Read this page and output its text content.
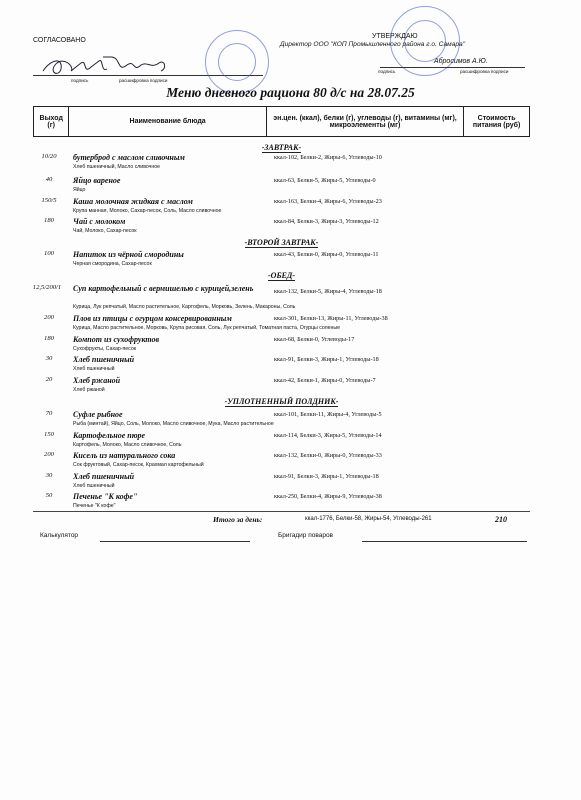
СОГЛАСОВАНО
подпись	расшифровка подписи
УТВЕРЖДАЮ
Директор ООО "КОП Промышленного района г.о. Самара"
Абросимов А.Ю.
подпись	расшифровка подписи
Меню дневного рациона 80 д/с на 28.07.25
Выход (г)	Наименование блюда	эн.цен. (ккал), белки (г), углеводы (г), витамины (мг), микроэлементы (мг)	Стоимость питания (руб)
-ЗАВТРАК-
10/20	бутерброд с маслом сливочным	ккал-102, Белки-2, Жиры-6, Углеводы-10
Хлеб пшеничный, Масло сливочное
40	Яйцо вареное	ккал-63, Белки-5, Жиры-5, Углеводы-0
Яйцо
150/5	Каша молочная жидкая с маслом	ккал-163, Белки-4, Жиры-6, Углеводы-23
Крупа манная, Молоко, Сахар-песок, Соль, Масло сливочное
180	Чай с молоком	ккал-84, Белки-3, Жиры-3, Углеводы-12
Чай, Молоко, Сахар-песок
-ВТОРОЙ ЗАВТРАК-
100	Напиток из чёрной смородины	ккал-43, Белки-0, Жиры-0, Углеводы-11
Черная смородина, Сахар-песок
-ОБЕД-
12,5/200/1	Суп картофельный с вермишелью с курицей,зелень	ккал-132, Белки-5, Жиры-4, Углеводы-18
Курица, Лук репчатый, Масло растительное, Картофель, Морковь, Зелень, Макароны, Соль
200	Плов из птицы с огурцом консервированным	ккал-301, Белки-13, Жиры-11, Углеводы-38
Курица, Масло растительное, Морковь, Крупа рисовая, Соль, Лук репчатый, Томатная паста, Огурцы соленые
180	Компот из сухофруктов	ккал-68, Белки-0, Углеводы-17
Сухофрукты, Сахар-песок
30	Хлеб пшеничный	ккал-91, Белки-3, Жиры-1, Углеводы-18
Хлеб пшеничный
20	Хлеб ржаной	ккал-42, Белки-1, Жиры-0, Углеводы-7
Хлеб ржаной
-УПЛОТНЕННЫЙ ПОЛДНИК-
70	Суфле рыбное	ккал-101, Белки-11, Жиры-4, Углеводы-5
Рыба (минтай), Яйцо, Соль, Молоко, Масло сливочное, Мука, Масло растительное
150	Картофельное пюре	ккал-114, Белки-3, Жиры-5, Углеводы-14
Картофель, Молоко, Масло сливочное, Соль
200	Кисель из натурального сока	ккал-132, Белки-0, Жиры-0, Углеводы-33
Сок фруктовый, Сахар-песок, Крахмал картофельный
30	Хлеб пшеничный	ккал-91, Белки-3, Жиры-1, Углеводы-18
Хлеб пшеничный
50	Печенье "К кофе"	ккал-250, Белки-4, Жиры-9, Углеводы-38
Печенье "К кофе"
Итого за день:	ккал-1776, Белки-58, Жиры-54, Углеводы-261	210
Калькулятор	Бригадир поваров
